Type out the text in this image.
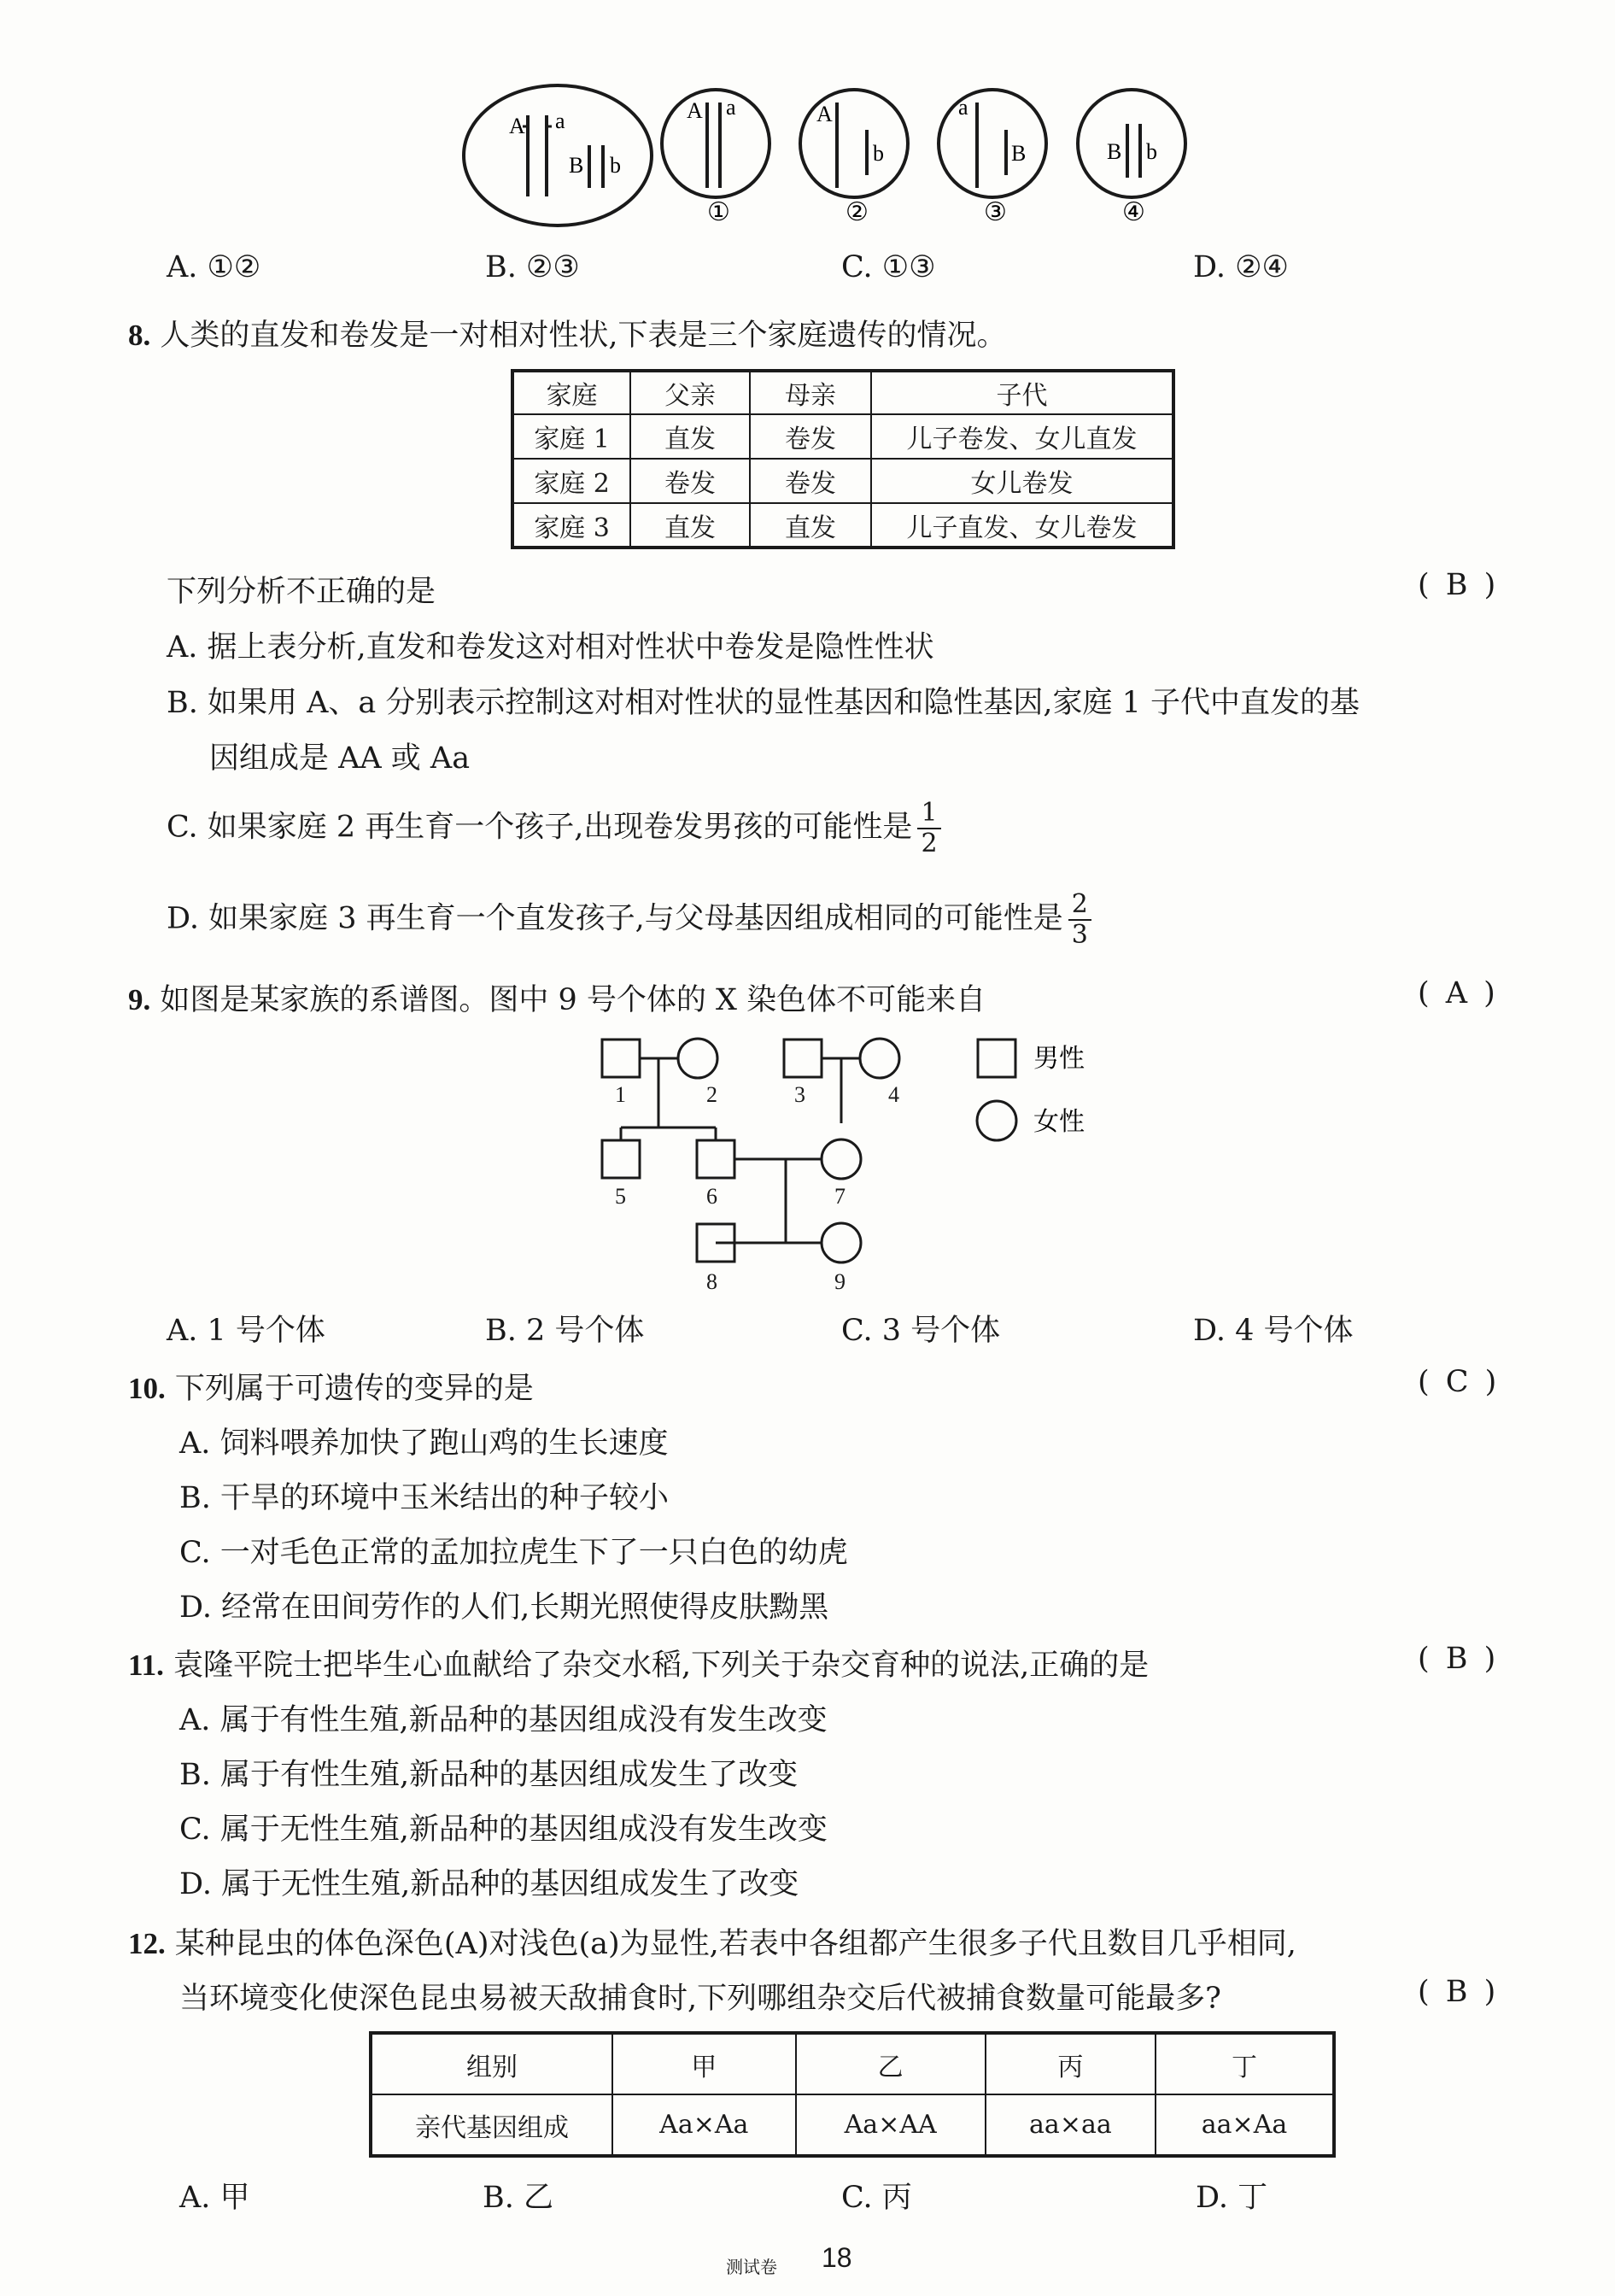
A a
B b
A a
①
A
b
②
a
B
③
B b
④
A. ①②	B. ②③	C. ①③	D. ②④
8. 人类的直发和卷发是一对相对性状,下表是三个家庭遗传的情况。
家庭	父亲	母亲	子代
家庭 1	直发	卷发	儿子卷发、女儿直发
家庭 2	卷发	卷发	女儿卷发
家庭 3	直发	直发	儿子直发、女儿卷发
下列分析不正确的是	( B )
A. 据上表分析,直发和卷发这对相对性状中卷发是隐性性状
B. 如果用 A、a 分别表示控制这对相对性状的显性基因和隐性基因,家庭 1 子代中直发的基
因组成是 AA 或 Aa
C. 如果家庭 2 再生育一个孩子,出现卷发男孩的可能性是 $\frac{1}{2}$
D. 如果家庭 3 再生育一个直发孩子,与父母基因组成相同的可能性是 $\frac{2}{3}$
9. 如图是某家族的系谱图。图中 9 号个体的 X 染色体不可能来自	( A )
1	2	3	4
5	6	7
8	9
男性
女性
A. 1 号个体	B. 2 号个体	C. 3 号个体	D. 4 号个体
10. 下列属于可遗传的变异的是	( C )
A. 饲料喂养加快了跑山鸡的生长速度
B. 干旱的环境中玉米结出的种子较小
C. 一对毛色正常的孟加拉虎生下了一只白色的幼虎
D. 经常在田间劳作的人们,长期光照使得皮肤黝黑
11. 袁隆平院士把毕生心血献给了杂交水稻,下列关于杂交育种的说法,正确的是	( B )
A. 属于有性生殖,新品种的基因组成没有发生改变
B. 属于有性生殖,新品种的基因组成发生了改变
C. 属于无性生殖,新品种的基因组成没有发生改变
D. 属于无性生殖,新品种的基因组成发生了改变
12. 某种昆虫的体色深色(A)对浅色(a)为显性,若表中各组都产生很多子代且数目几乎相同,
当环境变化使深色昆虫易被天敌捕食时,下列哪组杂交后代被捕食数量可能最多?	( B )
组别	甲	乙	丙	丁
亲代基因组成	Aa×Aa	Aa×AA	aa×aa	aa×Aa
A. 甲	B. 乙	C. 丙	D. 丁
测试卷 18
